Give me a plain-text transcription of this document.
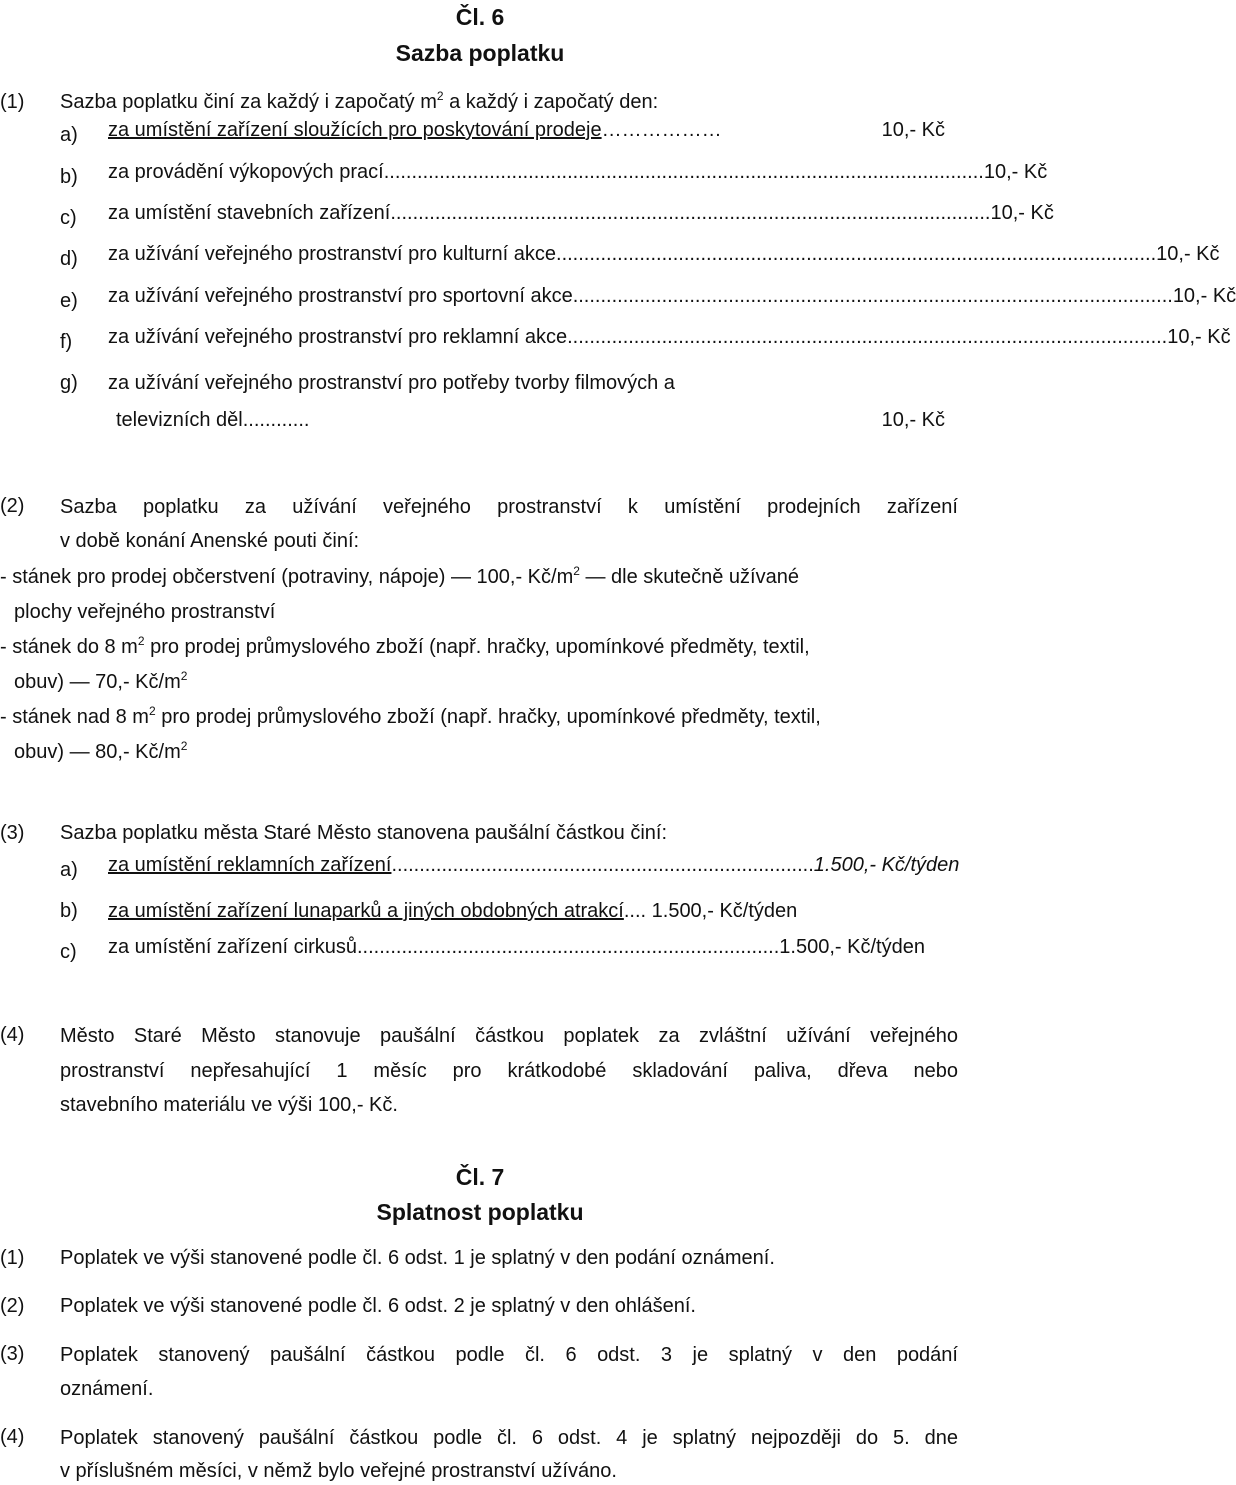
Čl. 6
Sazba poplatku
(1) Sazba poplatku činí za každý i započatý $m^2$ a každý i započatý den:
a) za umístění zařízení sloužících pro poskytování prodeje ………………	10,- Kč
b) za provádění výkopových prací ............................................................................................................ 10,- Kč
c) za umístění stavebních zařízení ............................................................................................................ 10,- Kč
d) za užívání veřejného prostranství pro kulturní akce ............................................................................................................ 10,- Kč
e) za užívání veřejného prostranství pro sportovní akce ............................................................................................................ 10,- Kč
f) za užívání veřejného prostranství pro reklamní akce ............................................................................................................ 10,- Kč
g) za užívání veřejného prostranství pro potřeby tvorby filmových a
televizních děl ............	10,- Kč
(2) Sazba poplatku za užívání veřejného prostranství k umístění prodejních zařízení
v době konání Anenské pouti činí:
- stánek pro prodej občerstvení (potraviny, nápoje) — 100,- $Kč/m^2$ — dle skutečně užívané
plochy veřejného prostranství
- stánek do 8 $m^2$ pro prodej průmyslového zboží (např. hračky, upomínkové předměty, textil,
obuv) — 70,- $Kč/m^2$
- stánek nad 8 $m^2$ pro prodej průmyslového zboží (např. hračky, upomínkové předměty, textil,
obuv) — 80,- $Kč/m^2$
(3) Sazba poplatku města Staré Město stanovena paušální částkou činí:
a) za umístění reklamních zařízení ............................................................................ 1.500,- Kč/týden
b) za umístění zařízení lunaparků a jiných obdobných atrakcí.... 1.500,- Kč/týden
c) za umístění zařízení cirkusů ............................................................................ 1.500,- Kč/týden
(4) Město Staré Město stanovuje paušální částkou poplatek za zvláštní užívání veřejného
prostranství nepřesahující 1 měsíc pro krátkodobé skladování paliva, dřeva nebo
stavebního materiálu ve výši 100,- Kč.
Čl. 7
Splatnost poplatku
(1) Poplatek ve výši stanovené podle čl. 6 odst. 1 je splatný v den podání oznámení.
(2) Poplatek ve výši stanovené podle čl. 6 odst. 2 je splatný v den ohlášení.
(3) Poplatek stanovený paušální částkou podle čl. 6 odst. 3 je splatný v den podání
oznámení.
(4) Poplatek stanovený paušální částkou podle čl. 6 odst. 4 je splatný nejpozději do 5. dne
v příslušném měsíci, v němž bylo veřejné prostranství užíváno.
